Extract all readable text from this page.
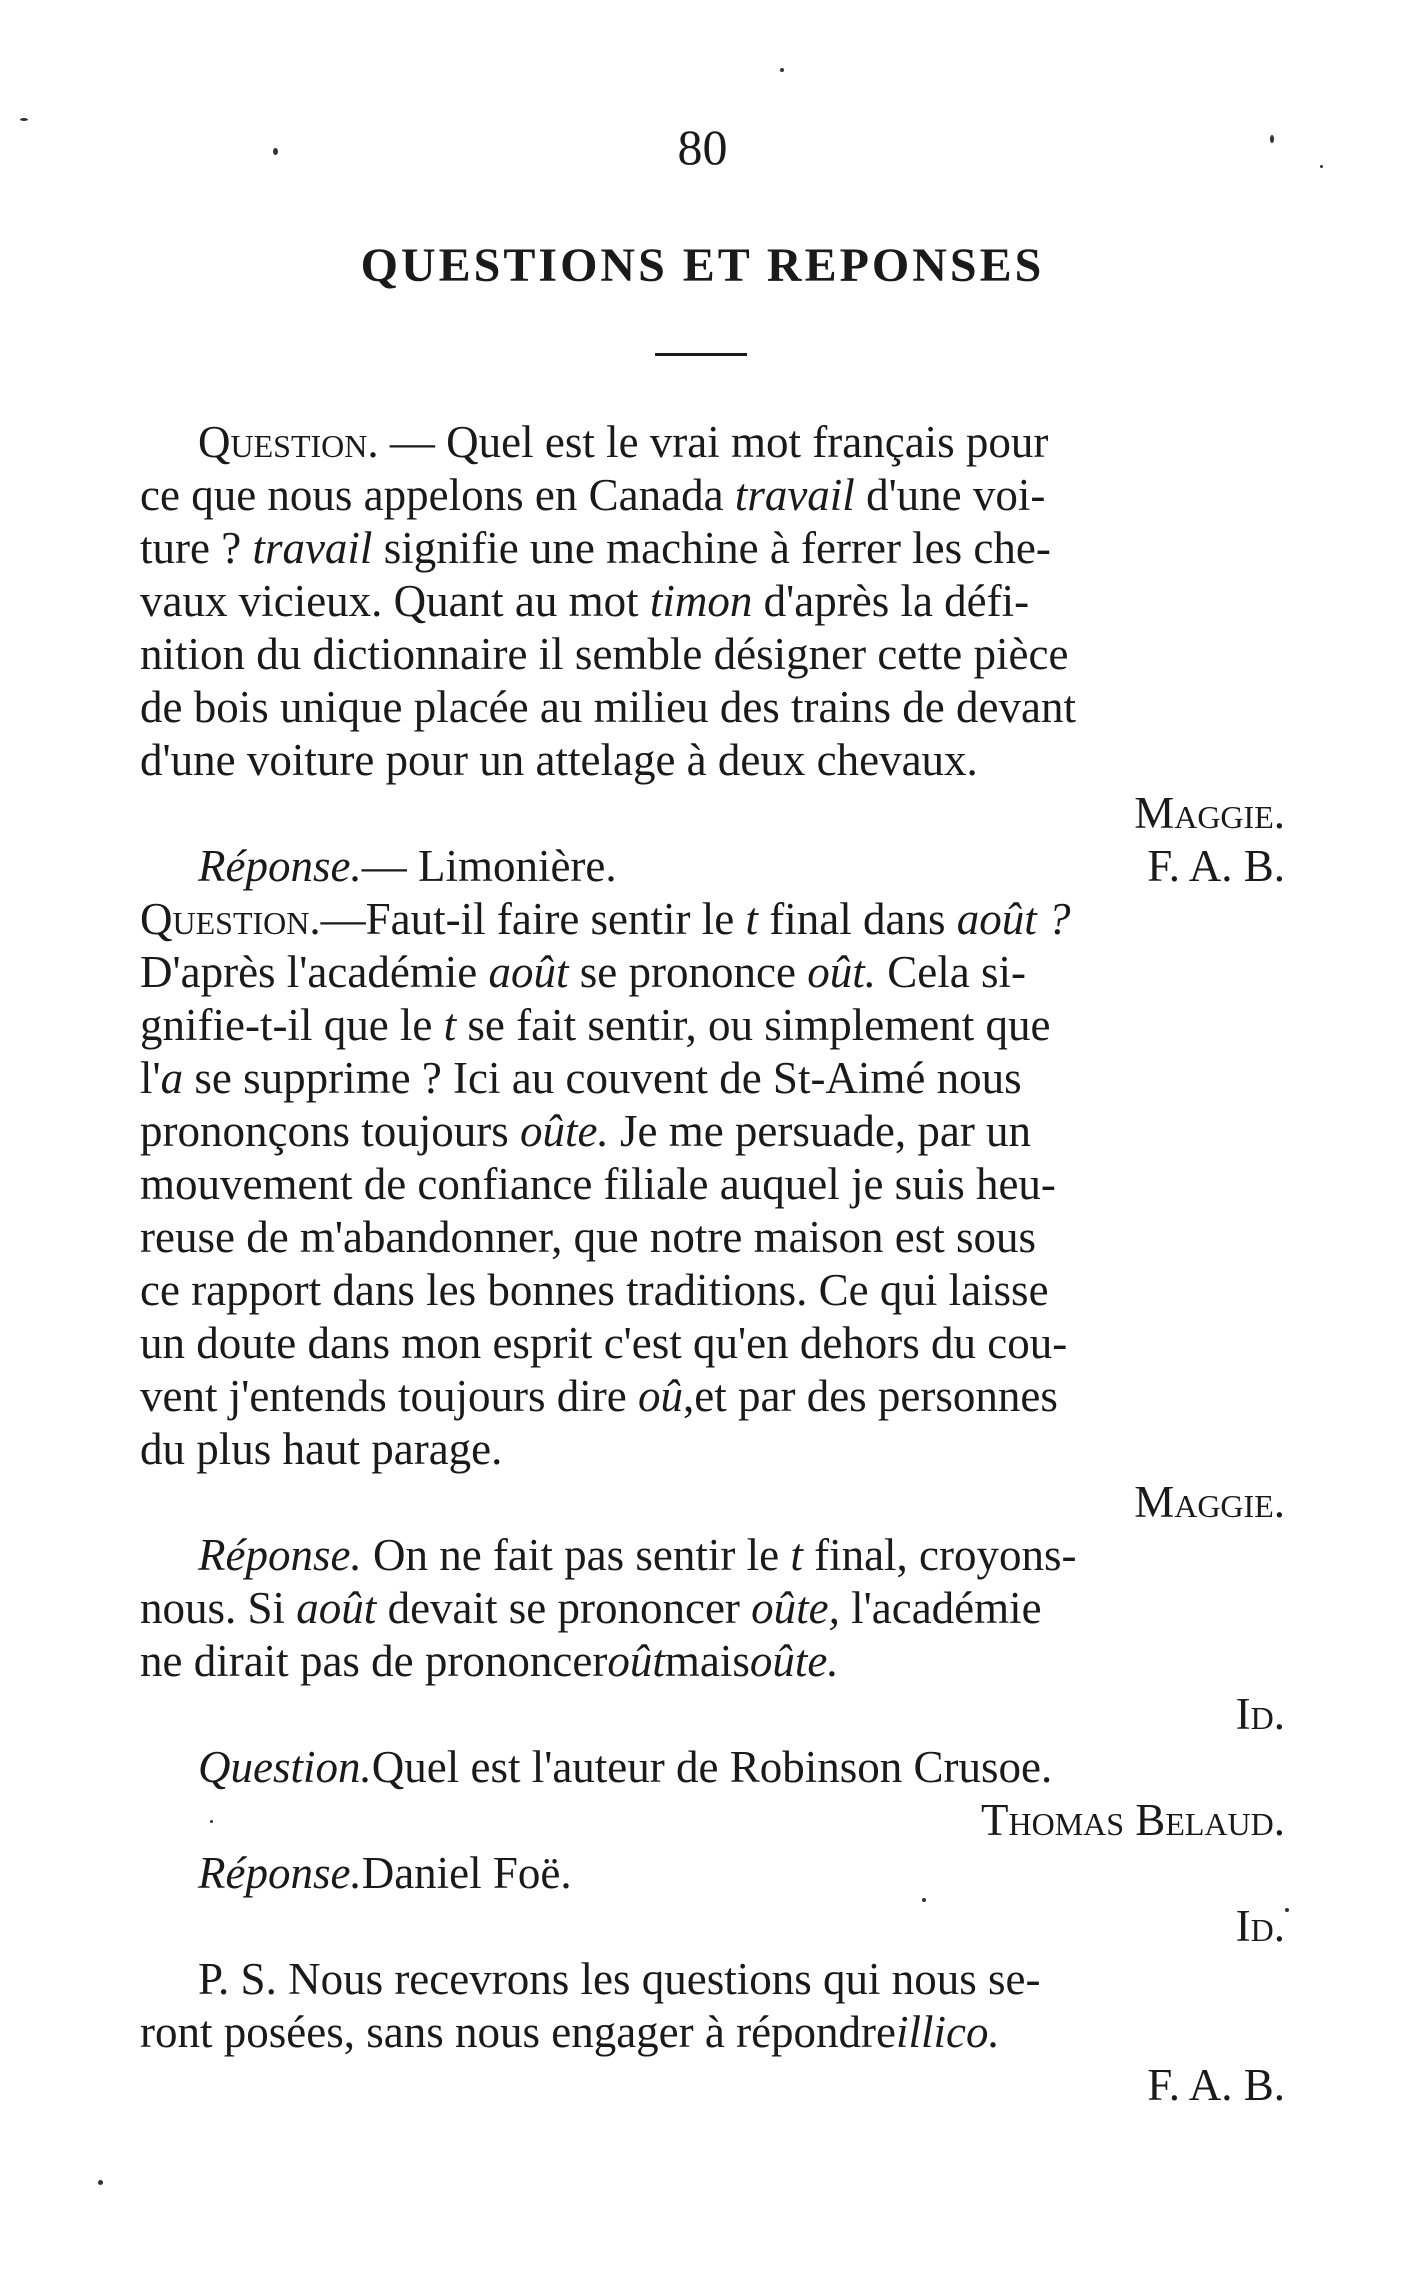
80
QUESTIONS ET REPONSES
Question. — Quel est le vrai mot français pour
ce que nous appelons en Canada travail d'une voi-
ture ? travail signifie une machine à ferrer les che-
vaux vicieux. Quant au mot timon d'après la défi-
nition du dictionnaire il semble désigner cette pièce
de bois unique placée au milieu des trains de devant
d'une voiture pour un attelage à deux chevaux.
Maggie.
Réponse.— Limonière.	F. A. B.
Question.—Faut-il faire sentir le t final dans août ?
D'après l'académie août se prononce oût. Cela si-
gnifie-t-il que le t se fait sentir, ou simplement que
l'a se supprime ? Ici au couvent de St-Aimé nous
prononçons toujours oûte. Je me persuade, par un
mouvement de confiance filiale auquel je suis heu-
reuse de m'abandonner, que notre maison est sous
ce rapport dans les bonnes traditions. Ce qui laisse
un doute dans mon esprit c'est qu'en dehors du cou-
vent j'entends toujours dire oû,et par des personnes
du plus haut parage.
Maggie.
Réponse. On ne fait pas sentir le t final, croyons-
nous. Si août devait se prononcer oûte, l'académie
ne dirait pas de prononcer oût mais oûte.
Id.
Question. Quel est l'auteur de Robinson Crusoe.
Thomas Belaud.
Réponse. Daniel Foë.
Id.
P. S. Nous recevrons les questions qui nous se-
ront posées, sans nous engager à répondre illico.
F. A. B.
